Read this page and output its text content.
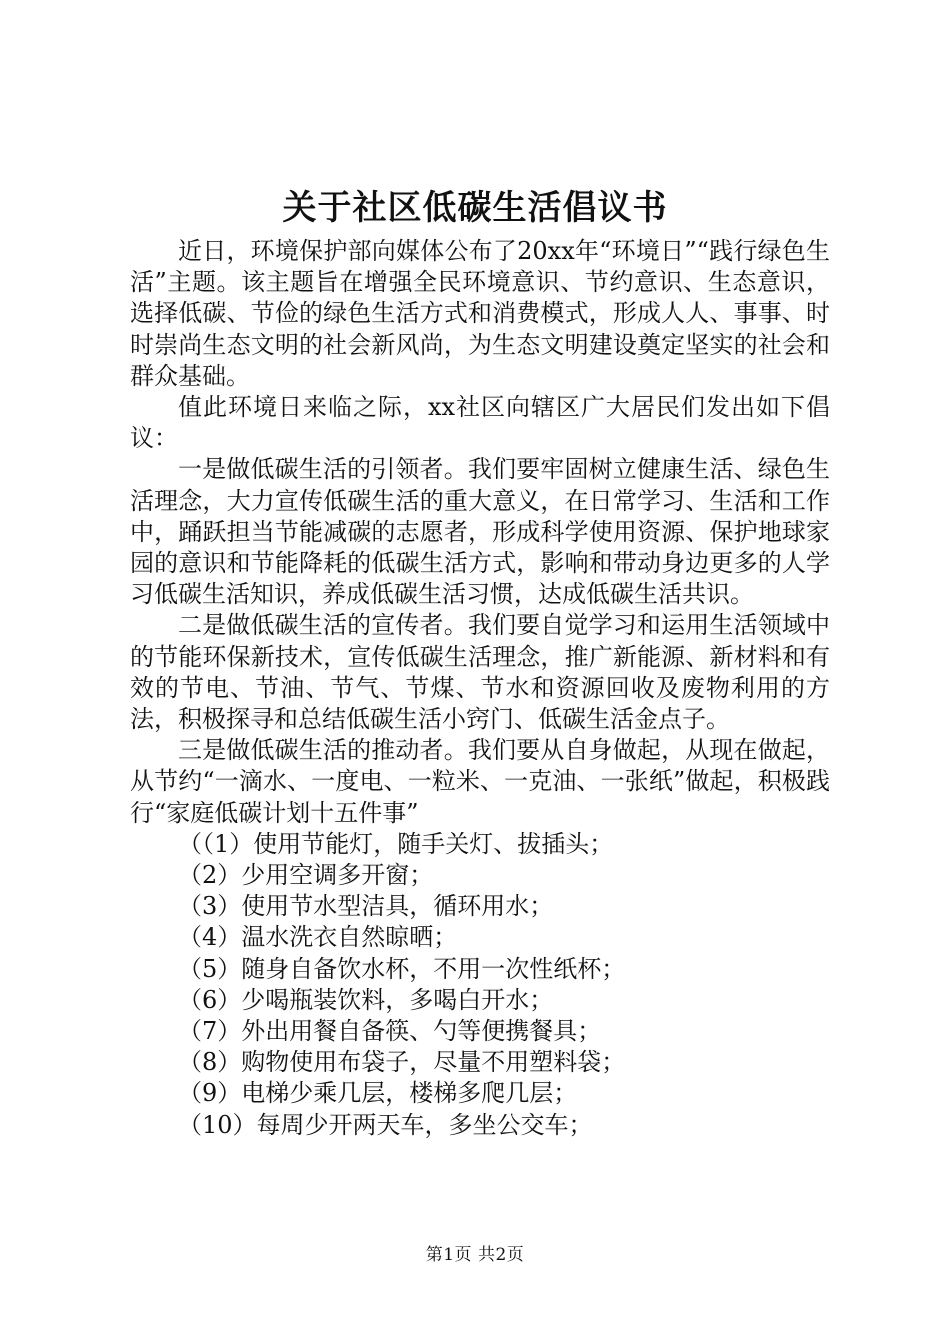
关于社区低碳生活倡议书

近日，环境保护部向媒体公布了20xx年“环境日”“践行绿色生活”主题。该主题旨在增强全民环境意识、节约意识、生态意识，选择低碳、节俭的绿色生活方式和消费模式，形成人人、事事、时时崇尚生态文明的社会新风尚，为生态文明建设奠定坚实的社会和群众基础。

值此环境日来临之际，xx社区向辖区广大居民们发出如下倡议：

一是做低碳生活的引领者。我们要牢固树立健康生活、绿色生活理念，大力宣传低碳生活的重大意义，在日常学习、生活和工作中，踊跃担当节能减碳的志愿者，形成科学使用资源、保护地球家园的意识和节能降耗的低碳生活方式，影响和带动身边更多的人学习低碳生活知识，养成低碳生活习惯，达成低碳生活共识。

二是做低碳生活的宣传者。我们要自觉学习和运用生活领域中的节能环保新技术，宣传低碳生活理念，推广新能源、新材料和有效的节电、节油、节气、节煤、节水和资源回收及废物利用的方法，积极探寻和总结低碳生活小窍门、低碳生活金点子。

三是做低碳生活的推动者。我们要从自身做起，从现在做起，从节约“一滴水、一度电、一粒米、一克油、一张纸”做起，积极践行“家庭低碳计划十五件事”

（（1）使用节能灯，随手关灯、拔插头；

（2）少用空调多开窗；

（3）使用节水型洁具，循环用水；

（4）温水洗衣自然晾晒；

（5）随身自备饮水杯，不用一次性纸杯；

（6）少喝瓶装饮料，多喝白开水；

（7）外出用餐自备筷、勺等便携餐具；

（8）购物使用布袋子，尽量不用塑料袋；

（9）电梯少乘几层，楼梯多爬几层；

（10）每周少开两天车，多坐公交车；

第1页 共2页
